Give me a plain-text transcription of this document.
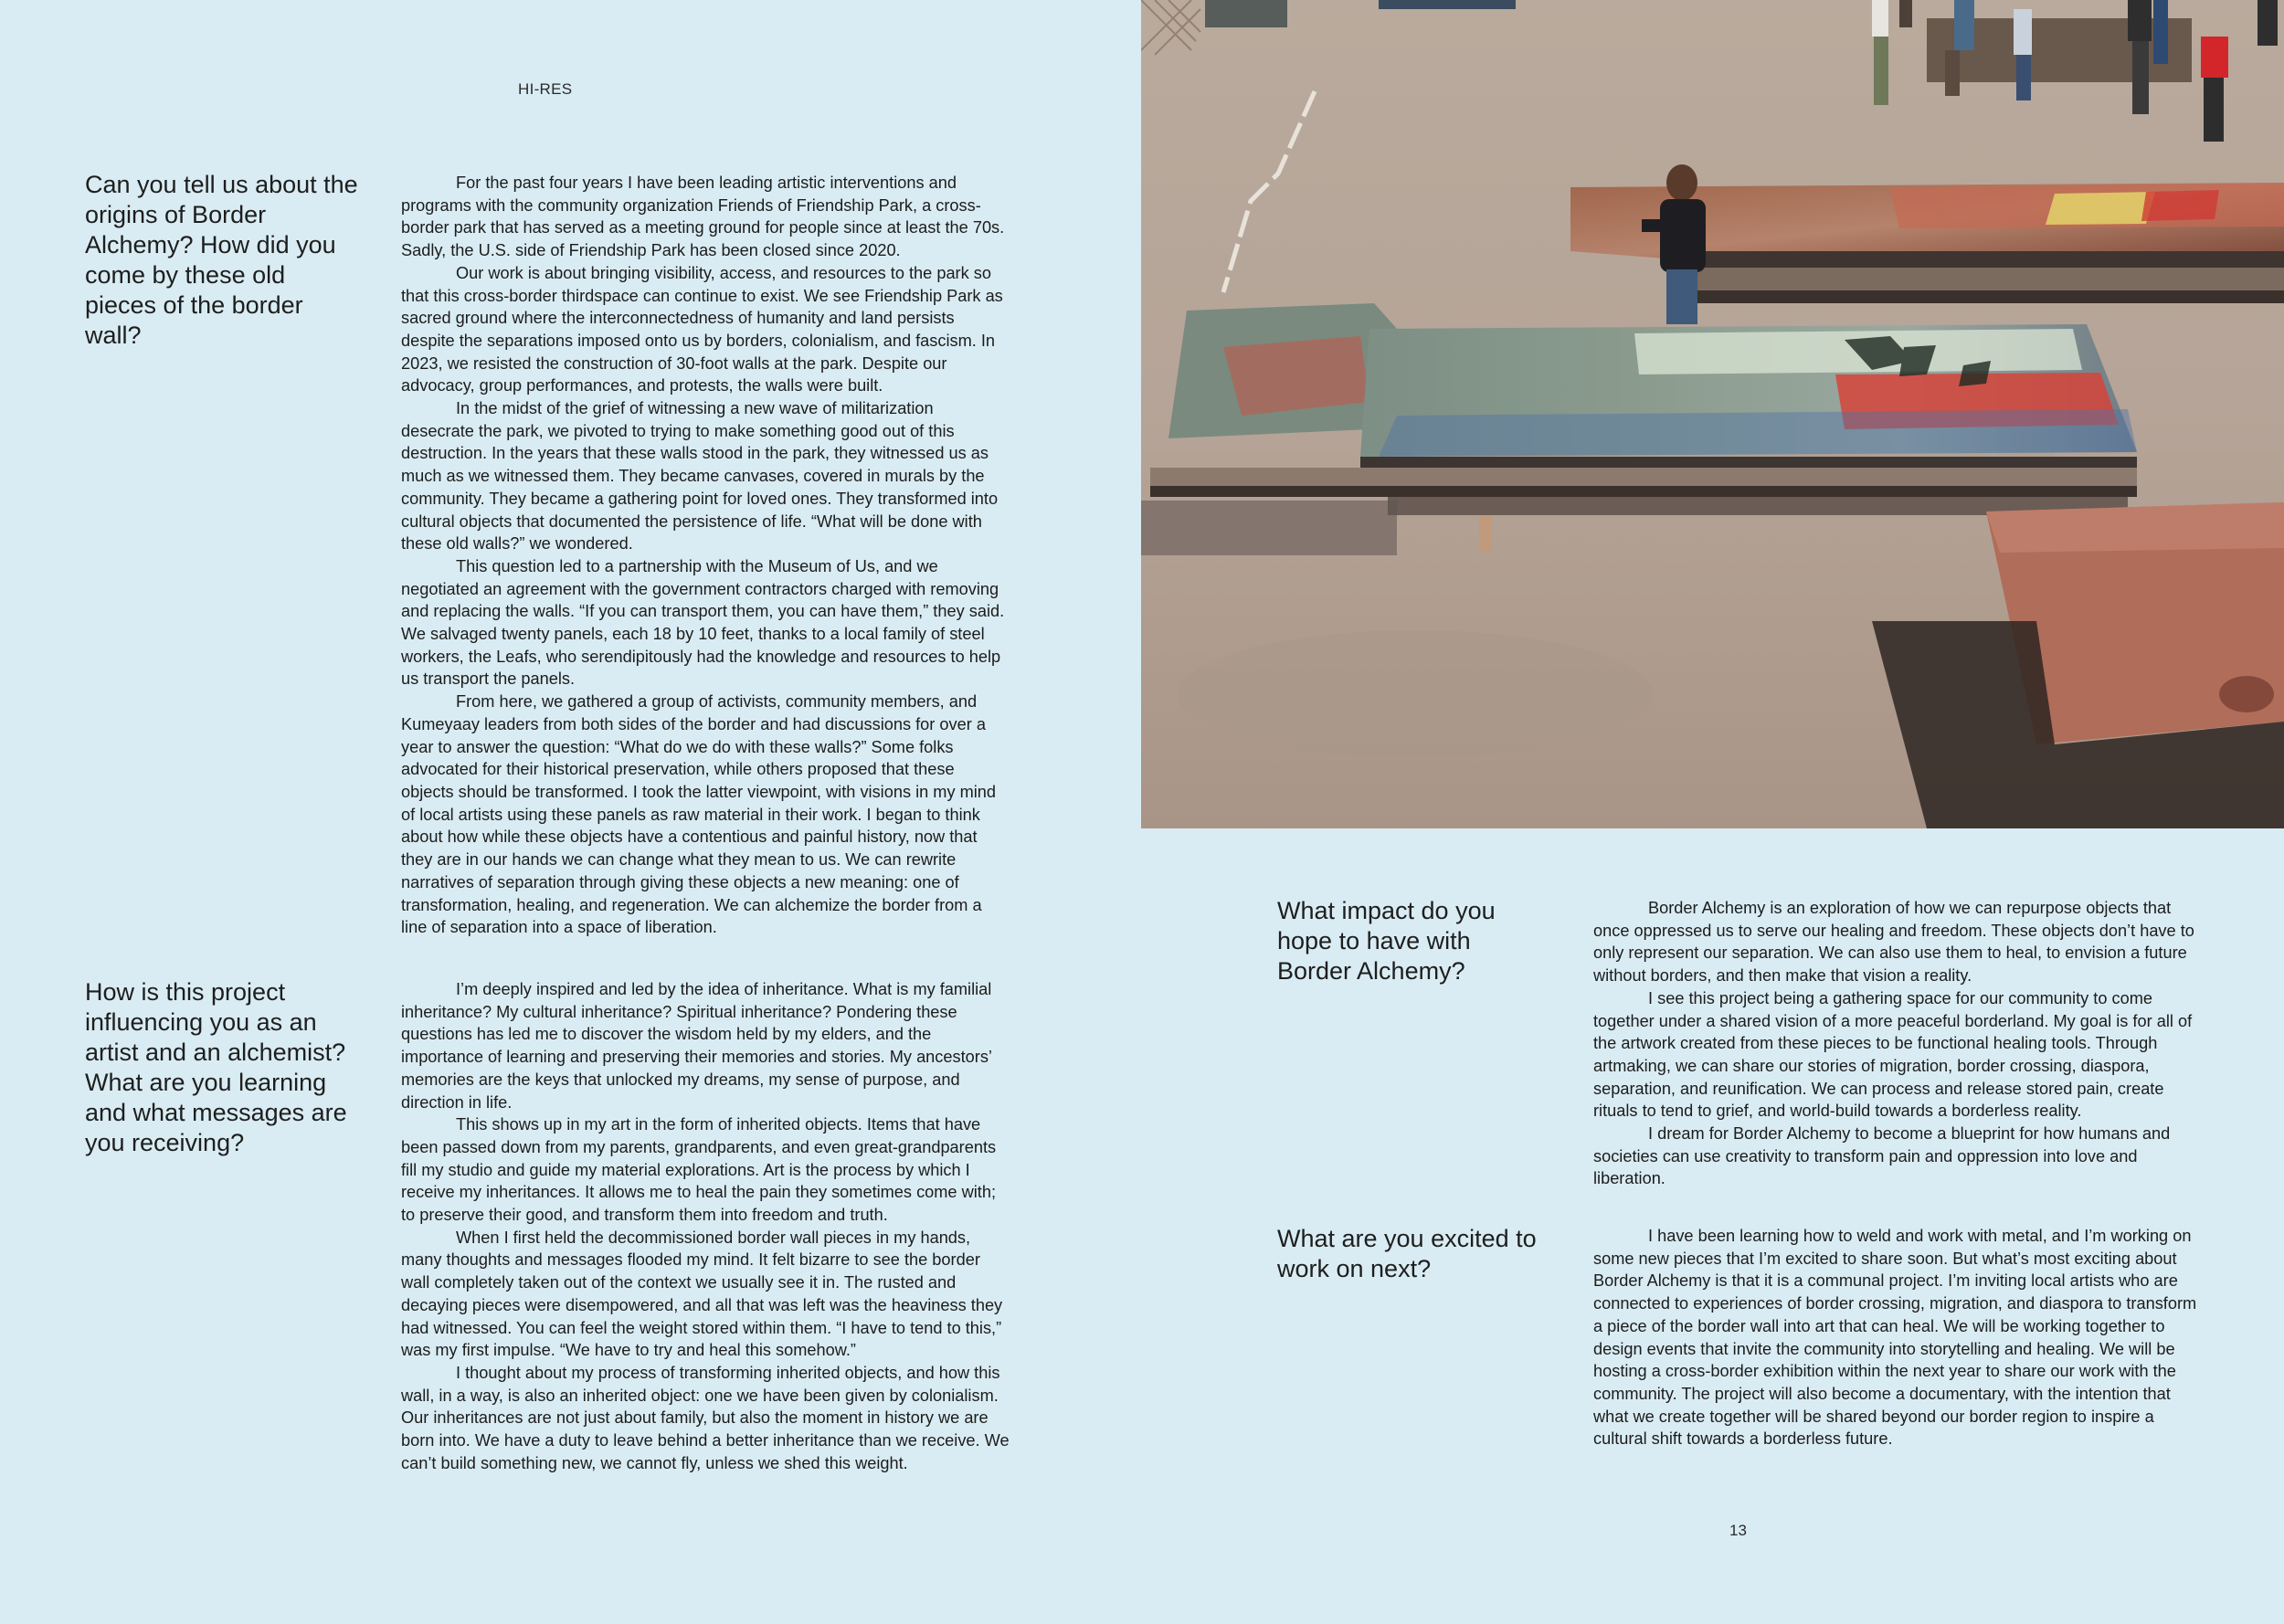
HI-RES
Can you tell us about the origins of Border Alchemy? How did you come by these old pieces of the border wall?

For the past four years I have been leading artistic interventions and programs with the community organization Friends of Friendship Park, a cross-border park that has served as a meeting ground for people since at least the 70s. Sadly, the U.S. side of Friendship Park has been closed since 2020.

Our work is about bringing visibility, access, and resources to the park so that this cross-border thirdspace can continue to exist. We see Friendship Park as sacred ground where the interconnectedness of humanity and land persists despite the separations imposed onto us by borders, colonialism, and fascism. In 2023, we resisted the construction of 30-foot walls at the park. Despite our advocacy, group performances, and protests, the walls were built.

In the midst of the grief of witnessing a new wave of militarization desecrate the park, we pivoted to trying to make something good out of this destruction. In the years that these walls stood in the park, they witnessed us as much as we witnessed them. They became canvases, covered in murals by the community. They became a gathering point for loved ones. They transformed into cultural objects that documented the persistence of life. “What will be done with these old walls?” we wondered.

This question led to a partnership with the Museum of Us, and we negotiated an agreement with the government contractors charged with removing and replacing the walls. “If you can transport them, you can have them,” they said. We salvaged twenty panels, each 18 by 10 feet, thanks to a local family of steel workers, the Leafs, who serendipitously had the knowledge and resources to help us transport the panels.

From here, we gathered a group of activists, community members, and Kumeyaay leaders from both sides of the border and had discussions for over a year to answer the question: “What do we do with these walls?” Some folks advocated for their historical preservation, while others proposed that these objects should be transformed. I took the latter viewpoint, with visions in my mind of local artists using these panels as raw material in their work. I began to think about how while these objects have a contentious and painful history, now that they are in our hands we can change what they mean to us. We can rewrite narratives of separation through giving these objects a new meaning: one of transformation, healing, and regeneration. We can alchemize the border from a line of separation into a space of liberation.

How is this project influencing you as an artist and an alchemist? What are you learning and what messages are you receiving?

I’m deeply inspired and led by the idea of inheritance. What is my familial inheritance? My cultural inheritance? Spiritual inheritance? Pondering these questions has led me to discover the wisdom held by my elders, and the importance of learning and preserving their memories and stories. My ancestors’ memories are the keys that unlocked my dreams, my sense of purpose, and direction in life.

This shows up in my art in the form of inherited objects. Items that have been passed down from my parents, grandparents, and even great-grandparents fill my studio and guide my material explorations. Art is the process by which I receive my inheritances. It allows me to heal the pain they sometimes come with; to preserve their good, and transform them into freedom and truth.

When I first held the decommissioned border wall pieces in my hands, many thoughts and messages flooded my mind. It felt bizarre to see the border wall completely taken out of the context we usually see it in. The rusted and decaying pieces were disempowered, and all that was left was the heaviness they had witnessed. You can feel the weight stored within them. “I have to tend to this,” was my first impulse. “We have to try and heal this somehow.”

I thought about my process of transforming inherited objects, and how this wall, in a way, is also an inherited object: one we have been given by colonialism. Our inheritances are not just about family, but also the moment in history we are born into. We have a duty to leave behind a better inheritance than we receive. We can’t build something new, we cannot fly, unless we shed this weight.

What impact do you hope to have with Border Alchemy?

Border Alchemy is an exploration of how we can repurpose objects that once oppressed us to serve our healing and freedom. These objects don’t have to only represent our separation. We can also use them to heal, to envision a future without borders, and then make that vision a reality.

I see this project being a gathering space for our community to come together under a shared vision of a more peaceful borderland. My goal is for all of the artwork created from these pieces to be functional healing tools. Through artmaking, we can share our stories of migration, border crossing, diaspora, separation, and reunification. We can process and release stored pain, create rituals to tend to grief, and world-build towards a borderless reality.

I dream for Border Alchemy to become a blueprint for how humans and societies can use creativity to transform pain and oppression into love and liberation.

What are you excited to work on next?

I have been learning how to weld and work with metal, and I’m working on some new pieces that I’m excited to share soon. But what’s most exciting about Border Alchemy is that it is a communal project. I’m inviting local artists who are connected to experiences of border crossing, migration, and diaspora to transform a piece of the border wall into art that can heal. We will be working together to design events that invite the community into storytelling and healing. We will be hosting a cross-border exhibition within the next year to share our work with the community. The project will also become a documentary, with the intention that what we create together will be shared beyond our border region to inspire a cultural shift towards a borderless future.

13
